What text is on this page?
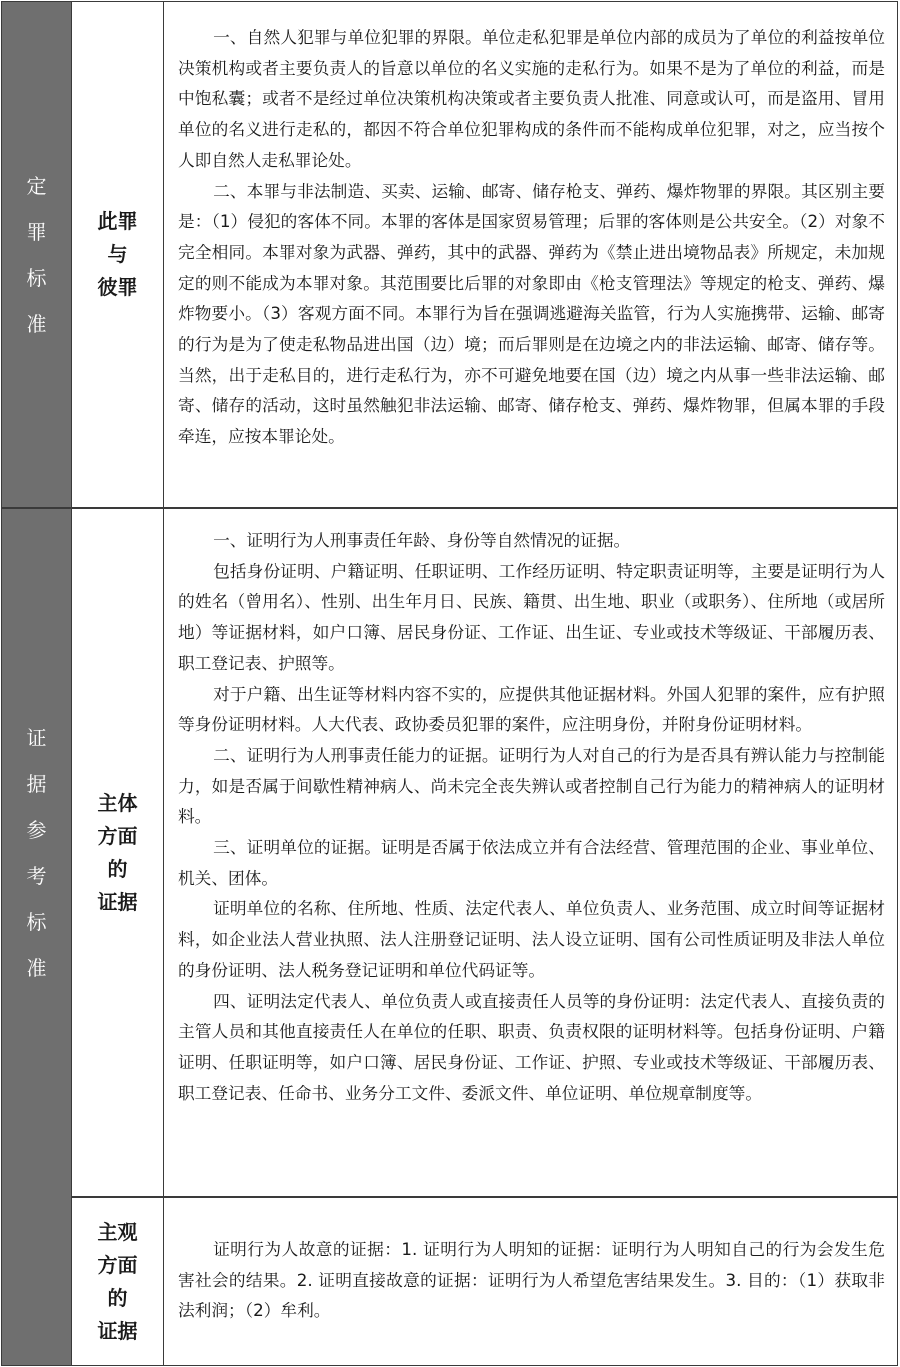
定
罪
标
准
此罪
与
彼罪

一、自然人犯罪与单位犯罪的界限。单位走私犯罪是单位内部的成员为了单位的利益按单位决策机构或者主要负责人的旨意以单位的名义实施的走私行为。如果不是为了单位的利益，而是中饱私囊；或者不是经过单位决策机构决策或者主要负责人批准、同意或认可，而是盗用、冒用单位的名义进行走私的，都因不符合单位犯罪构成的条件而不能构成单位犯罪，对之，应当按个人即自然人走私罪论处。

二、本罪与非法制造、买卖、运输、邮寄、储存枪支、弹药、爆炸物罪的界限。其区别主要是：（1）侵犯的客体不同。本罪的客体是国家贸易管理；后罪的客体则是公共安全。（2）对象不完全相同。本罪对象为武器、弹药，其中的武器、弹药为《禁止进出境物品表》所规定，未加规定的则不能成为本罪对象。其范围要比后罪的对象即由《枪支管理法》等规定的枪支、弹药、爆炸物要小。（3）客观方面不同。本罪行为旨在强调逃避海关监管，行为人实施携带、运输、邮寄的行为是为了使走私物品进出国（边）境；而后罪则是在边境之内的非法运输、邮寄、储存等。当然，出于走私目的，进行走私行为，亦不可避免地要在国（边）境之内从事一些非法运输、邮寄、储存的活动，这时虽然触犯非法运输、邮寄、储存枪支、弹药、爆炸物罪，但属本罪的手段牵连，应按本罪论处。

证
据
参
考
标
准
主体
方面
的
证据

一、证明行为人刑事责任年龄、身份等自然情况的证据。

包括身份证明、户籍证明、任职证明、工作经历证明、特定职责证明等，主要是证明行为人的姓名（曾用名）、性别、出生年月日、民族、籍贯、出生地、职业（或职务）、住所地（或居所地）等证据材料，如户口簿、居民身份证、工作证、出生证、专业或技术等级证、干部履历表、职工登记表、护照等。

对于户籍、出生证等材料内容不实的，应提供其他证据材料。外国人犯罪的案件，应有护照等身份证明材料。人大代表、政协委员犯罪的案件，应注明身份，并附身份证明材料。

二、证明行为人刑事责任能力的证据。证明行为人对自己的行为是否具有辨认能力与控制能力，如是否属于间歇性精神病人、尚未完全丧失辨认或者控制自己行为能力的精神病人的证明材料。

三、证明单位的证据。证明是否属于依法成立并有合法经营、管理范围的企业、事业单位、机关、团体。

证明单位的名称、住所地、性质、法定代表人、单位负责人、业务范围、成立时间等证据材料，如企业法人营业执照、法人注册登记证明、法人设立证明、国有公司性质证明及非法人单位的身份证明、法人税务登记证明和单位代码证等。

四、证明法定代表人、单位负责人或直接责任人员等的身份证明：法定代表人、直接负责的主管人员和其他直接责任人在单位的任职、职责、负责权限的证明材料等。包括身份证明、户籍证明、任职证明等，如户口簿、居民身份证、工作证、护照、专业或技术等级证、干部履历表、职工登记表、任命书、业务分工文件、委派文件、单位证明、单位规章制度等。

主观
方面
的
证据

证明行为人故意的证据：1. 证明行为人明知的证据：证明行为人明知自己的行为会发生危害社会的结果。2. 证明直接故意的证据：证明行为人希望危害结果发生。3. 目的：（1）获取非法利润；（2）牟利。
